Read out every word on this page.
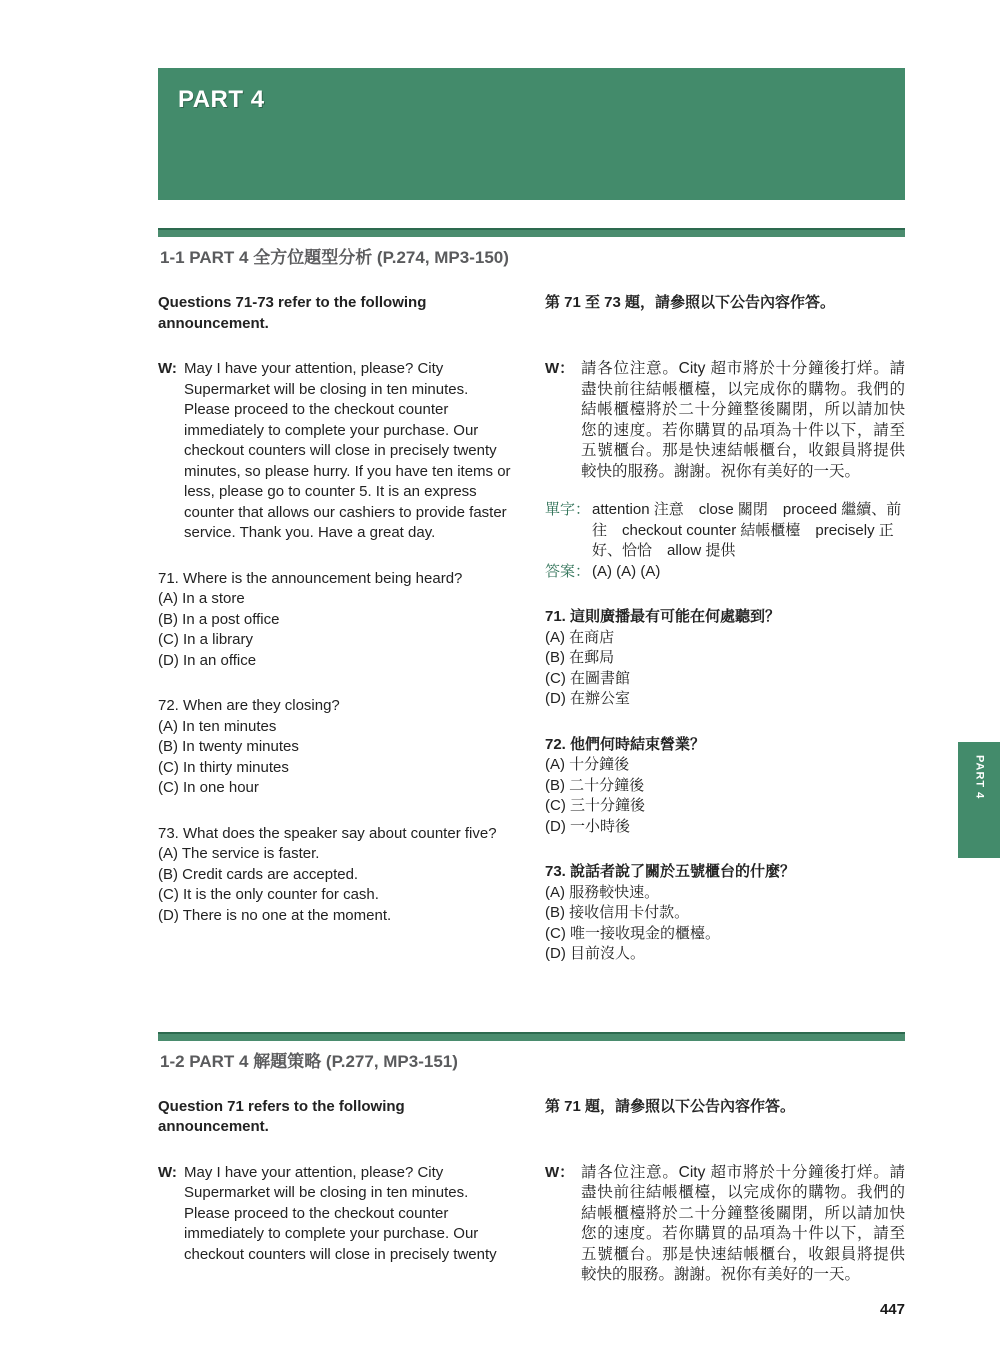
PART 4
1-1 PART 4 全方位題型分析 (P.274, MP3-150)
Questions 71-73 refer to the following announcement.
W: May I have your attention, please? City Supermarket will be closing in ten minutes. Please proceed to the checkout counter immediately to complete your purchase. Our checkout counters will close in precisely twenty minutes, so please hurry. If you have ten items or less, please go to counter 5. It is an express counter that allows our cashiers to provide faster service. Thank you. Have a great day.
71. Where is the announcement being heard?
(A) In a store
(B) In a post office
(C) In a library
(D) In an office
72. When are they closing?
(A) In ten minutes
(B) In twenty minutes
(C) In thirty minutes
(C) In one hour
73. What does the speaker say about counter five?
(A) The service is faster.
(B) Credit cards are accepted.
(C) It is the only counter for cash.
(D) There is no one at the moment.
第 71 至 73 題，請參照以下公告內容作答。
W： 請各位注意。City 超市將於十分鐘後打烊。請盡快前往結帳櫃檯，以完成你的購物。我們的結帳櫃檯將於二十分鐘整後關閉，所以請加快您的速度。若你購買的品項為十件以下，請至五號櫃台。那是快速結帳櫃台，收銀員將提供較快的服務。謝謝。祝你有美好的一天。
單字： attention 注意　close 關閉　proceed 繼續、前往　checkout counter 結帳櫃檯　precisely 正好、恰恰　allow 提供
答案： (A) (A) (A)
71. 這則廣播最有可能在何處聽到？
(A) 在商店
(B) 在郵局
(C) 在圖書館
(D) 在辦公室
72. 他們何時結束營業？
(A) 十分鐘後
(B) 二十分鐘後
(C) 三十分鐘後
(D) 一小時後
73. 說話者說了關於五號櫃台的什麼？
(A) 服務較快速。
(B) 接收信用卡付款。
(C) 唯一接收現金的櫃檯。
(D) 目前沒人。
1-2 PART 4 解題策略 (P.277, MP3-151)
Question 71 refers to the following announcement.
W: May I have your attention, please? City Supermarket will be closing in ten minutes. Please proceed to the checkout counter immediately to complete your purchase. Our checkout counters will close in precisely twenty
第 71 題，請參照以下公告內容作答。
W： 請各位注意。City 超市將於十分鐘後打烊。請盡快前往結帳櫃檯，以完成你的購物。我們的結帳櫃檯將於二十分鐘整後關閉，所以請加快您的速度。若你購買的品項為十件以下，請至五號櫃台。那是快速結帳櫃台，收銀員將提供較快的服務。謝謝。祝你有美好的一天。
PART 4
447
